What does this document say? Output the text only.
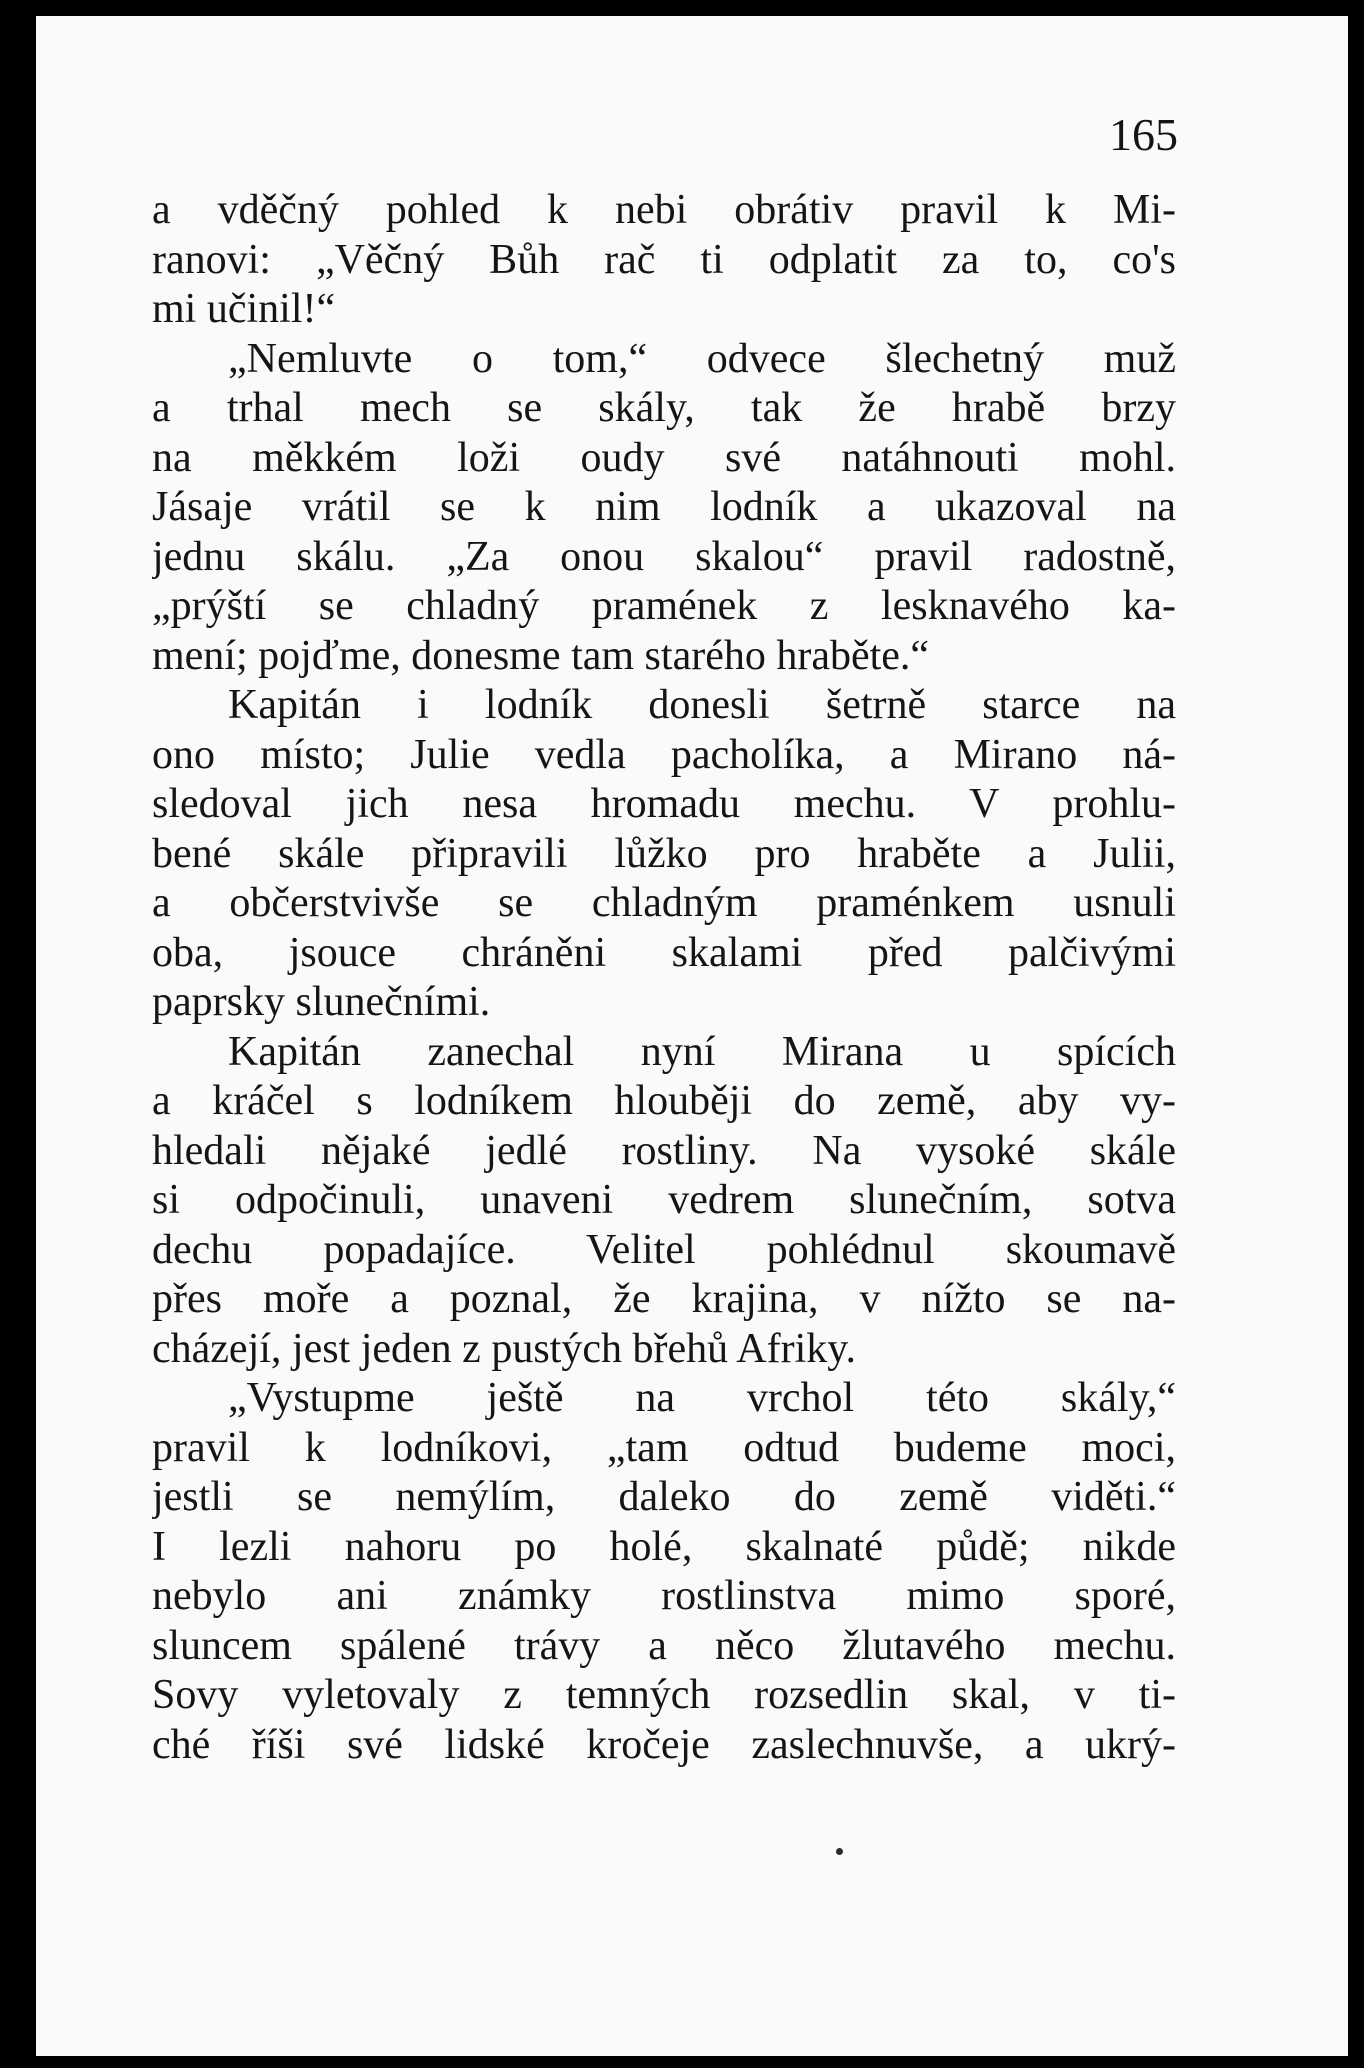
165
a vděčný pohled k nebi obrátiv pravil k Mi-
ranovi: „Věčný Bůh rač ti odplatit za to, co's
mi učinil!“
„Nemluvte o tom,“ odvece šlechetný muž
a trhal mech se skály, tak že hrabě brzy
na měkkém loži oudy své natáhnouti mohl.
Jásaje vrátil se k nim lodník a ukazoval na
jednu skálu. „Za onou skalou“ pravil radostně,
„prýští se chladný pramének z lesknavého ka-
mení; pojďme, donesme tam starého hraběte.“
Kapitán i lodník donesli šetrně starce na
ono místo; Julie vedla pacholíka, a Mirano ná-
sledoval jich nesa hromadu mechu. V prohlu-
bené skále připravili lůžko pro hraběte a Julii,
a občerstvivše se chladným praménkem usnuli
oba, jsouce chráněni skalami před palčivými
paprsky slunečními.
Kapitán zanechal nyní Mirana u spících
a kráčel s lodníkem hlouběji do země, aby vy-
hledali nějaké jedlé rostliny. Na vysoké skále
si odpočinuli, unaveni vedrem slunečním, sotva
dechu popadajíce. Velitel pohlédnul skoumavě
přes moře a poznal, že krajina, v nížto se na-
cházejí, jest jeden z pustých břehů Afriky.
„Vystupme ještě na vrchol této skály,“
pravil k lodníkovi, „tam odtud budeme moci,
jestli se nemýlím, daleko do země viděti.“
I lezli nahoru po holé, skalnaté půdě; nikde
nebylo ani známky rostlinstva mimo sporé,
sluncem spálené trávy a něco žlutavého mechu.
Sovy vyletovaly z temných rozsedlin skal, v ti-
ché říši své lidské kročeje zaslechnuvše, a ukrý-
